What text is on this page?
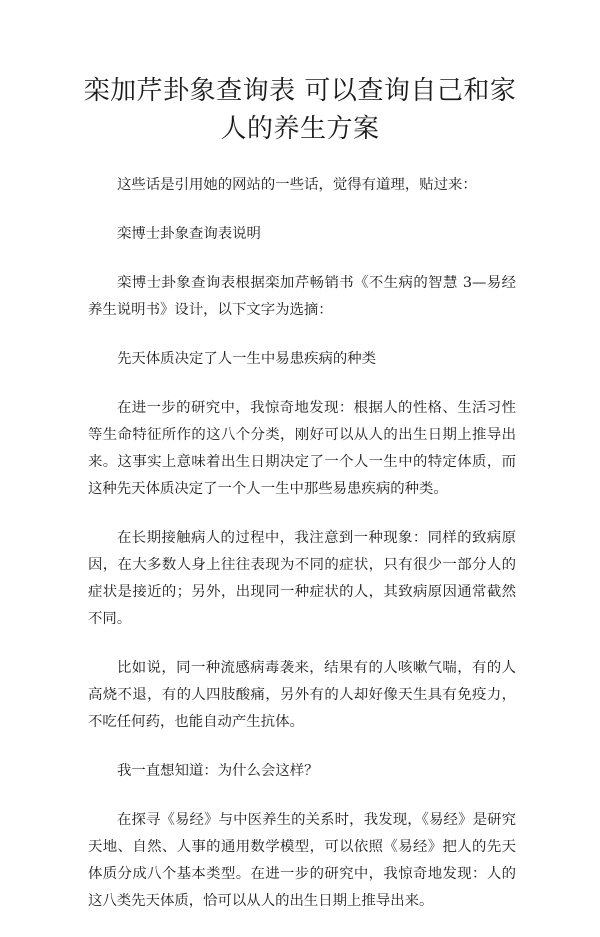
栾加芹卦象查询表 可以查询自己和家
人的养生方案

这些话是引用她的网站的一些话，觉得有道理，贴过来：

栾博士卦象查询表说明

栾博士卦象查询表根据栾加芹畅销书《不生病的智慧 3—易经养生说明书》设计，以下文字为选摘：

先天体质决定了人一生中易患疾病的种类

在进一步的研究中，我惊奇地发现：根据人的性格、生活习性等生命特征所作的这八个分类，刚好可以从人的出生日期上推导出来。这事实上意味着出生日期决定了一个人一生中的特定体质，而这种先天体质决定了一个人一生中那些易患疾病的种类。

在长期接触病人的过程中，我注意到一种现象：同样的致病原因，在大多数人身上往往表现为不同的症状，只有很少一部分人的症状是接近的；另外，出现同一种症状的人，其致病原因通常截然不同。

比如说，同一种流感病毒袭来，结果有的人咳嗽气喘，有的人高烧不退，有的人四肢酸痛，另外有的人却好像天生具有免疫力，不吃任何药，也能自动产生抗体。

我一直想知道：为什么会这样？

在探寻《易经》与中医养生的关系时，我发现，《易经》是研究天地、自然、人事的通用数学模型，可以依照《易经》把人的先天体质分成八个基本类型。在进一步的研究中，我惊奇地发现：人的这八类先天体质，恰可以从人的出生日期上推导出来。
